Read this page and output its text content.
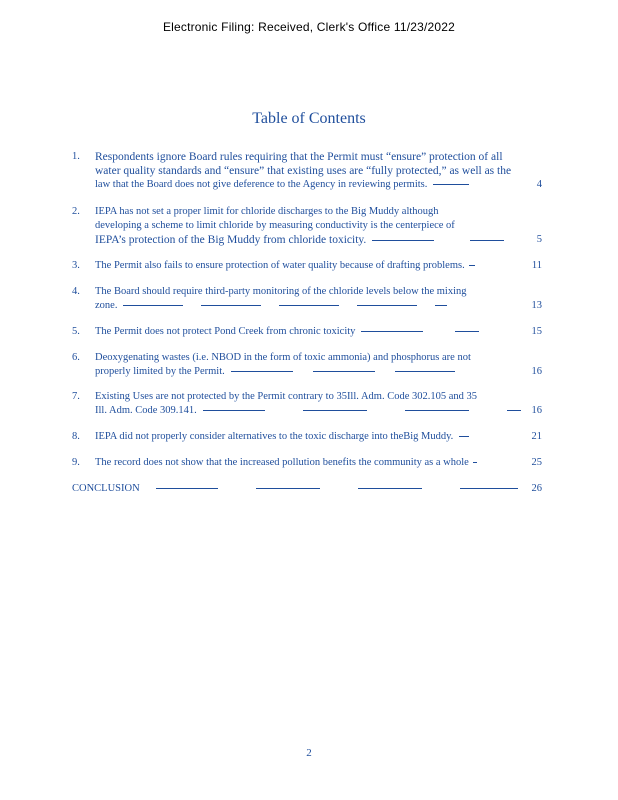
Electronic Filing: Received, Clerk's Office 11/23/2022
Table of Contents
1.	Respondents ignore Board rules requiring that the Permit must “ensure” protection of all
water quality standards and “ensure” that existing uses are “fully protected,” as well as the
law that the Board does not give deference to the Agency in reviewing permits.	4
2.	IEPA has not set a proper limit for chloride discharges to the Big Muddy although
developing a scheme to limit chloride by measuring conductivity is the centerpiece of
IEPA’s protection of the Big Muddy from chloride toxicity.	5
3.	The Permit also fails to ensure protection of water quality because of drafting problems.	11
4.	The Board should require third-party monitoring of the chloride levels below the mixing
zone.	13
5.	The Permit does not protect Pond Creek from chronic toxicity	15
6.	Deoxygenating wastes (i.e. NBOD in the form of toxic ammonia) and phosphorus are not
properly limited by the Permit.	16
7.	Existing Uses are not protected by the Permit contrary to 35Ill. Adm. Code 302.105 and 35
Ill. Adm. Code 309.141.	16
8.	IEPA did not properly consider alternatives to the toxic discharge into theBig Muddy.	21
9.	The record does not show that the increased pollution benefits the community as a whole	25
CONCLUSION	26
2
